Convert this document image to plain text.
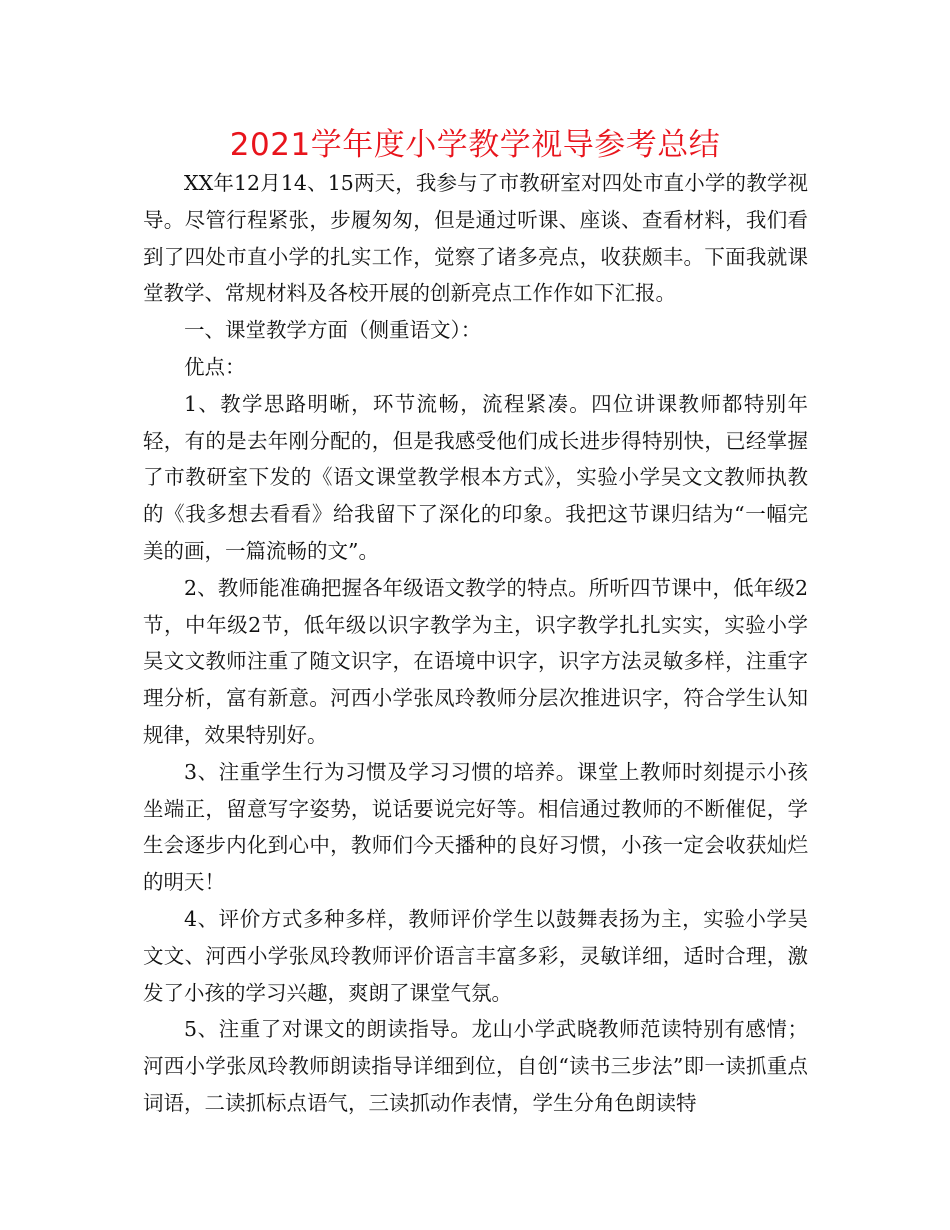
2021学年度小学教学视导参考总结

XX年12月14、15两天，我参与了市教研室对四处市直小学的教学视导。尽管行程紧张，步履匆匆，但是通过听课、座谈、查看材料，我们看到了四处市直小学的扎实工作，觉察了诸多亮点，收获颇丰。下面我就课堂教学、常规材料及各校开展的创新亮点工作作如下汇报。

一、课堂教学方面（侧重语文）：

优点：

1、教学思路明晰，环节流畅，流程紧凑。四位讲课教师都特别年轻，有的是去年刚分配的，但是我感受他们成长进步得特别快，已经掌握了市教研室下发的《语文课堂教学根本方式》，实验小学吴文文教师执教的《我多想去看看》给我留下了深化的印象。我把这节课归结为“一幅完美的画，一篇流畅的文”。

2、教师能准确把握各年级语文教学的特点。所听四节课中，低年级2节，中年级2节，低年级以识字教学为主，识字教学扎扎实实，实验小学吴文文教师注重了随文识字，在语境中识字，识字方法灵敏多样，注重字理分析，富有新意。河西小学张凤玲教师分层次推进识字，符合学生认知规律，效果特别好。

3、注重学生行为习惯及学习习惯的培养。课堂上教师时刻提示小孩坐端正，留意写字姿势，说话要说完好等。相信通过教师的不断催促，学生会逐步内化到心中，教师们今天播种的良好习惯，小孩一定会收获灿烂的明天！

4、评价方式多种多样，教师评价学生以鼓舞表扬为主，实验小学吴文文、河西小学张凤玲教师评价语言丰富多彩，灵敏详细，适时合理，激发了小孩的学习兴趣，爽朗了课堂气氛。

5、注重了对课文的朗读指导。龙山小学武晓教师范读特别有感情；河西小学张凤玲教师朗读指导详细到位，自创“读书三步法”即一读抓重点词语，二读抓标点语气，三读抓动作表情，学生分角色朗读特
